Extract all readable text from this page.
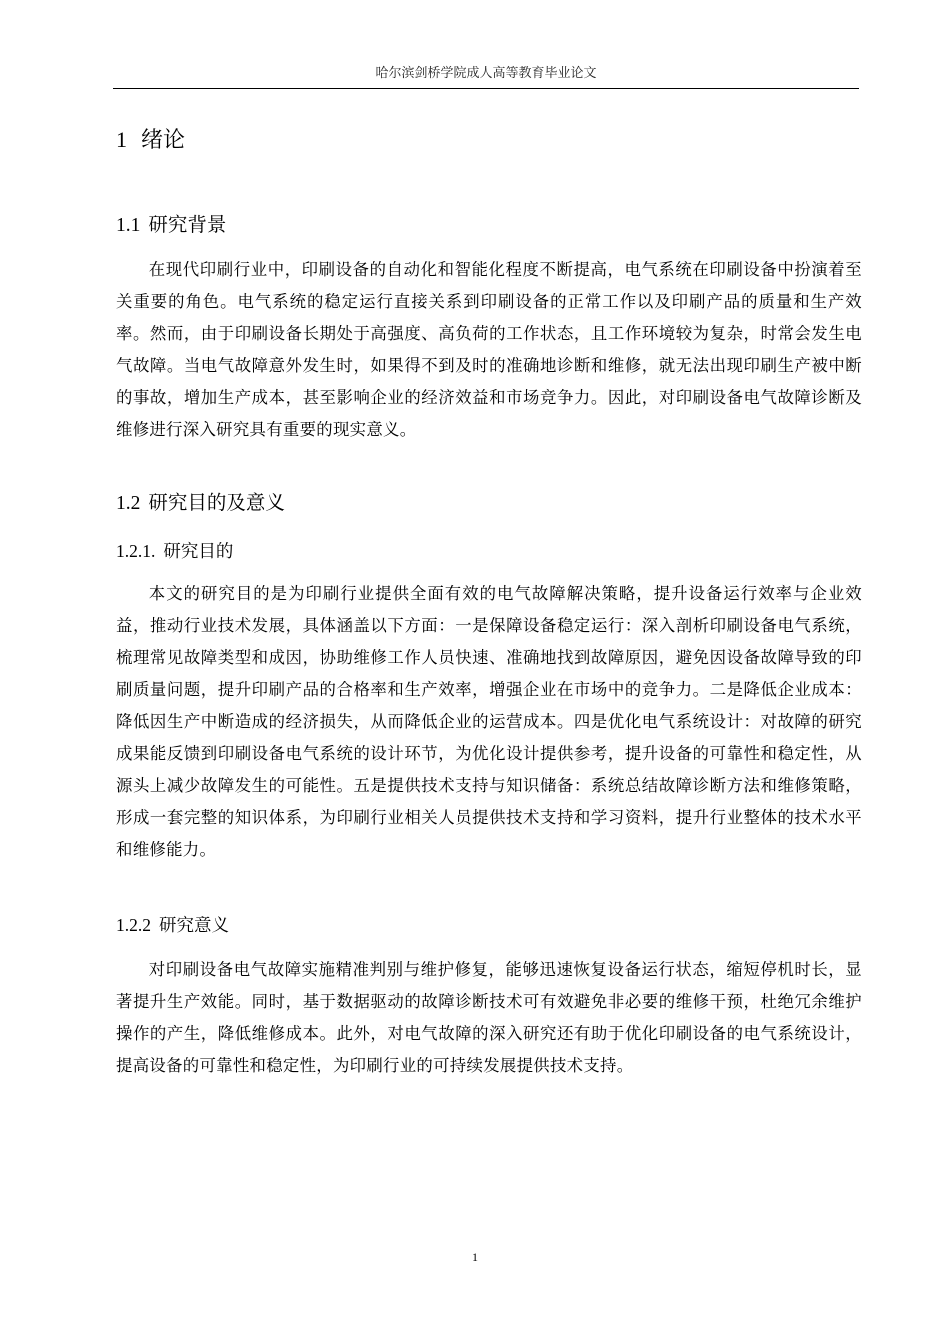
哈尔滨剑桥学院成人高等教育毕业论文
1 绪论
1.1 研究背景
在现代印刷行业中，印刷设备的自动化和智能化程度不断提高，电气系统在印刷设备中扮演着至关重要的角色。电气系统的稳定运行直接关系到印刷设备的正常工作以及印刷产品的质量和生产效率。然而，由于印刷设备长期处于高强度、高负荷的工作状态，且工作环境较为复杂，时常会发生电气故障。当电气故障意外发生时，如果得不到及时的准确地诊断和维修，就无法出现印刷生产被中断的事故，增加生产成本，甚至影响企业的经济效益和市场竞争力。因此，对印刷设备电气故障诊断及维修进行深入研究具有重要的现实意义。
1.2 研究目的及意义
1.2.1. 研究目的
本文的研究目的是为印刷行业提供全面有效的电气故障解决策略，提升设备运行效率与企业效益，推动行业技术发展，具体涵盖以下方面：一是保障设备稳定运行：深入剖析印刷设备电气系统，梳理常见故障类型和成因，协助维修工作人员快速、准确地找到故障原因，避免因设备故障导致的印刷质量问题，提升印刷产品的合格率和生产效率，增强企业在市场中的竞争力。二是降低企业成本：降低因生产中断造成的经济损失，从而降低企业的运营成本。四是优化电气系统设计：对故障的研究成果能反馈到印刷设备电气系统的设计环节，为优化设计提供参考，提升设备的可靠性和稳定性，从源头上减少故障发生的可能性。五是提供技术支持与知识储备：系统总结故障诊断方法和维修策略，形成一套完整的知识体系，为印刷行业相关人员提供技术支持和学习资料，提升行业整体的技术水平和维修能力。
1.2.2 研究意义
对印刷设备电气故障实施精准判别与维护修复，能够迅速恢复设备运行状态，缩短停机时长，显著提升生产效能。同时，基于数据驱动的故障诊断技术可有效避免非必要的维修干预，杜绝冗余维护操作的产生，降低维修成本。此外，对电气故障的深入研究还有助于优化印刷设备的电气系统设计，提高设备的可靠性和稳定性，为印刷行业的可持续发展提供技术支持。
1
